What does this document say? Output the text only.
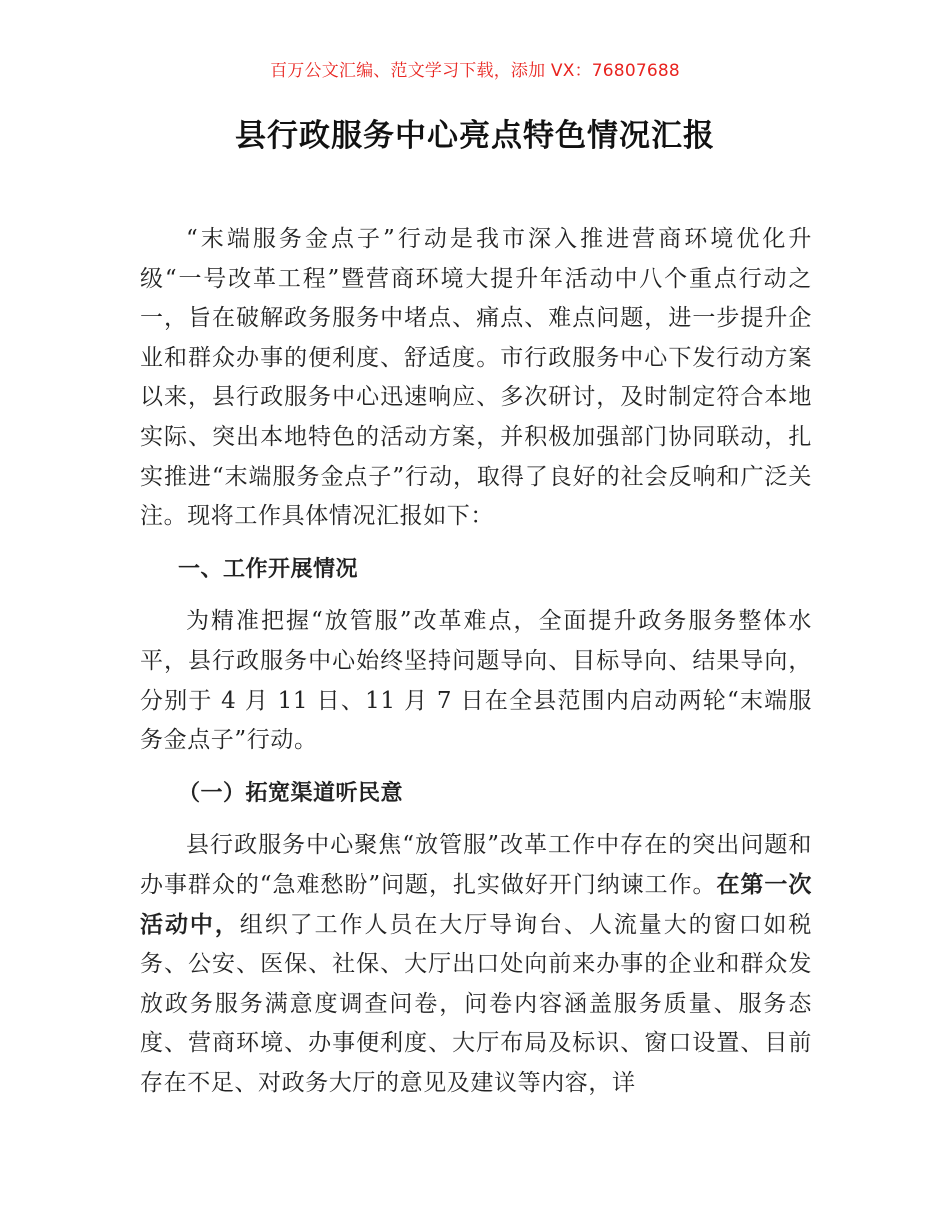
百万公文汇编、范文学习下载，添加 VX：76807688
县行政服务中心亮点特色情况汇报

“末端服务金点子”行动是我市深入推进营商环境优化升级“一号改革工程”暨营商环境大提升年活动中八个重点行动之一，旨在破解政务服务中堵点、痛点、难点问题，进一步提升企业和群众办事的便利度、舒适度。市行政服务中心下发行动方案以来，县行政服务中心迅速响应、多次研讨，及时制定符合本地实际、突出本地特色的活动方案，并积极加强部门协同联动，扎实推进“末端服务金点子”行动，取得了良好的社会反响和广泛关注。现将工作具体情况汇报如下：

一、工作开展情况

为精准把握“放管服”改革难点，全面提升政务服务整体水平，县行政服务中心始终坚持问题导向、目标导向、结果导向，分别于 4 月 11 日、11 月 7 日在全县范围内启动两轮“末端服务金点子”行动。

（一）拓宽渠道听民意

县行政服务中心聚焦“放管服”改革工作中存在的突出问题和办事群众的“急难愁盼”问题，扎实做好开门纳谏工作。在第一次活动中，组织了工作人员在大厅导询台、人流量大的窗口如税务、公安、医保、社保、大厅出口处向前来办事的企业和群众发放政务服务满意度调查问卷，问卷内容涵盖服务质量、服务态度、营商环境、办事便利度、大厅布局及标识、窗口设置、目前存在不足、对政务大厅的意见及建议等内容，详
